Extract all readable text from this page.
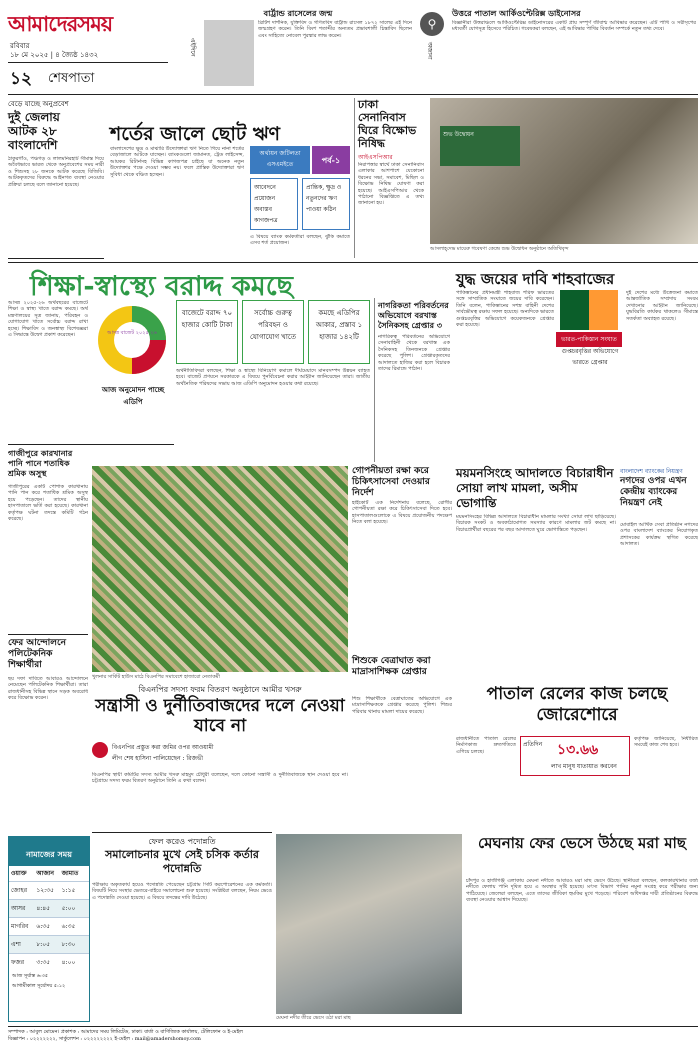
আমাদেরসময়
রবিবার
১৮ মে ২০২৫ | ৪ জ্যৈষ্ঠ ১৪৩২
১২ শেষপাতা
বার্ট্রান্ড রাসেলের জন্ম
এইদিনে
ব্রিটিশ দার্শনিক, যুক্তিবিদ ও গণিতবিদ বার্ট্রান্ড রাসেল ১৮৭২ সালের এই দিনে জন্মগ্রহণ করেন। তিনি বিংশ শতাব্দীর অন্যতম প্রভাবশালী চিন্তাবিদ ছিলেন এবং সাহিত্যে নোবেল পুরস্কার লাভ করেন।
উত্তরে পাতাল আর্কিওপ্টেরিক্স ডাইনোসর
⚲
অজানা
বিজ্ঞানীরা উত্তরাঞ্চলে আর্কিওপ্টেরিক্স ডাইনোসরের একটি প্রায় সম্পূর্ণ জীবাশ্ম আবিষ্কার করেছেন। এটি পাখি ও সরীসৃপের মধ্যবর্তী যোগসূত্র হিসেবে পরিচিত। গবেষকরা বলছেন, এই আবিষ্কার পাখির বিবর্তন সম্পর্কে নতুন তথ্য দেবে।
বেড়ে যাচ্ছে অনুপ্রবেশ
দুই জেলায়
আটক ২৮
বাংলাদেশি
ঠাকুরগাঁও, পঞ্চগড় ও লালমনিরহাট সীমান্ত দিয়ে অবৈধভাবে ভারত থেকে অনুপ্রবেশের সময় নারী ও শিশুসহ ২৮ জনকে আটক করেছে বিজিবি। আটককৃতদের বিরুদ্ধে আইনগত ব্যবস্থা নেওয়ার প্রক্রিয়া চলছে বলে জানানো হয়েছে।
শর্তের জালে ছোট ঋণ
অর্থায়ন জটিলতা এসএমইতে	পর্ব-১
আবেদনে প্রয়োজন অবাস্তব কাগজপত্র
প্রান্তিক, ক্ষুদ্র ও নতুনদের ঋণ পাওয়া কঠিন
বাংলাদেশের ক্ষুদ্র ও মাঝারি উদ্যোক্তারা ঋণ নিতে গিয়ে নানা শর্তের বেড়াজালে আটকে যাচ্ছেন। ব্যাংকগুলো জামানত, ট্রেড লাইসেন্স, আয়কর রিটার্নসহ বিভিন্ন কাগজপত্র চাইছে যা অনেক নতুন উদ্যোক্তার পক্ষে দেওয়া সম্ভব নয়। ফলে প্রান্তিক উদ্যোক্তারা ঋণ সুবিধা থেকে বঞ্চিত হচ্ছেন।
এ বিষয়ে ব্যাংক কর্মকর্তারা বলছেন, ঝুঁকি কমাতে এসব শর্ত প্রয়োজন।
ঢাকা সেনানিবাস ঘিরে বিক্ষোভ নিষিদ্ধ
আইএসপিআর
নিরাপত্তার স্বার্থে ঢাকা সেনানিবাস এলাকার আশপাশে যেকোনো ধরনের সভা, সমাবেশ, মিছিল ও বিক্ষোভ নিষিদ্ধ ঘোষণা করা হয়েছে। আইএসপিআর থেকে পাঠানো বিজ্ঞপ্তিতে এ তথ্য জানানো হয়।
শুভ উদ্বোধন
আসলাহ্‌দেভ মায়েরু গবেষণা কেন্দ্রে শুভ উদ্বোধন অনুষ্ঠানে অতিথিবৃন্দ
শিক্ষা-স্বাস্থ্যে বরাদ্দ কমছে
আসন্ন ২০২৫-২৬ অর্থবছরের বাজেটে শিক্ষা ও স্বাস্থ্য খাতে বরাদ্দ কমছে। অর্থ মন্ত্রণালয়ের সূত্র জানায়, পরিবহন ও যোগাযোগ খাতে সর্বোচ্চ বরাদ্দ রাখা হচ্ছে। শিক্ষাবিদ ও জনস্বাস্থ্য বিশেষজ্ঞরা এ সিদ্ধান্তে উদ্বেগ প্রকাশ করেছেন।	আসন্ন বাজেট ২০২৫-২৬
আজ অনুমোদন পাচ্ছে এডিপি
বাজেটে বরাদ্দ ৭০ হাজার কোটি টাকা
সর্বোচ্চ গুরুত্ব পরিবহন ও যোগাযোগ খাতে
কমছে এডিপির আকার, প্রস্তাব ১ হাজার ১৪২টি
অর্থনীতিবিদরা বলছেন, শিক্ষা ও স্বাস্থ্যে বিনিয়োগ কমালে দীর্ঘমেয়াদে মানবসম্পদ উন্নয়ন ব্যাহত হবে। বাজেট প্রণয়নে সরকারকে এ বিষয়ে পুনর্বিবেচনা করার আহ্বান জানিয়েছেন তারা। জাতীয় অর্থনৈতিক পরিষদের সভায় আজ এডিপি অনুমোদন হওয়ার কথা রয়েছে।
নাগরিকতা পরিবর্তনের অভিযোগে বরখাস্ত সৈনিকসহ গ্রেপ্তার ৩
নাগরিকত্ব পরিবর্তনের অভিযোগে সেনাবাহিনী থেকে বরখাস্ত এক সৈনিকসহ তিনজনকে গ্রেপ্তার করেছে পুলিশ। গ্রেপ্তারকৃতদের আদালতে হাজির করা হলে বিচারক তাদের রিমান্ডে পাঠান।
যুদ্ধ জয়ের দাবি শাহবাজের
ভারত-পাকিস্তান সংঘাত
গুপ্তচরবৃত্তির অভিযোগে ভারতে গ্রেপ্তার
পাকিস্তানের প্রধানমন্ত্রী শাহবাজ শরিফ ভারতের সঙ্গে সাম্প্রতিক সংঘাতে জয়ের দাবি করেছেন। তিনি বলেন, পাকিস্তানের সশস্ত্র বাহিনী দেশের সার্বভৌমত্ব রক্ষায় সফল হয়েছে। অন্যদিকে ভারতে গুপ্তচরবৃত্তির অভিযোগে কয়েকজনকে গ্রেপ্তার করা হয়েছে।
দুই দেশের মধ্যে উত্তেজনা কমাতে আন্তর্জাতিক সম্প্রদায় সংযম দেখানোর আহ্বান জানিয়েছে। যুদ্ধবিরতি কার্যকর থাকলেও সীমান্তে সতর্কতা অব্যাহত রয়েছে।
গাজীপুরে কারখানার
পানি পানে শতাধিক শ্রমিক অসুস্থ
গাজীপুরের একটি পোশাক কারখানায় পানি পান করে শতাধিক শ্রমিক অসুস্থ হয়ে পড়েছেন। তাদের স্থানীয় হাসপাতালে ভর্তি করা হয়েছে। কারখানা কর্তৃপক্ষ ঘটনা তদন্তে কমিটি গঠন করেছে।
খুলনার সার্কিট হাউস মাঠে বিএনপির সমাবেশে হাজারো নেতাকর্মী
গোপনীয়তা রক্ষা করে চিকিৎসাসেবা দেওয়ার নির্দেশ
হাইকোর্ট এক নির্দেশনায় বলেছে, রোগীর গোপনীয়তা রক্ষা করে চিকিৎসাসেবা দিতে হবে। হাসপাতালগুলোকে এ বিষয়ে প্রয়োজনীয় পদক্ষেপ নিতে বলা হয়েছে।
ময়মনসিংহে আদালতে বিচারাধীন সোয়া লাখ মামলা, অসীম ভোগান্তি
ময়মনসিংহের বিভিন্ন আদালতে বিচারাধীন মামলার সংখ্যা সোয়া লাখ ছাড়িয়েছে। বিচারক সংকট ও অবকাঠামোগত সমস্যার কারণে মামলার জট কমছে না। বিচারপ্রার্থীরা বছরের পর বছর আদালতে ঘুরে ভোগান্তিতে পড়ছেন।
বাংলাদেশ ব্যাংকের নিয়ন্ত্রণ
নগদের ওপর এখন কেন্দ্রীয় ব্যাংকের নিয়ন্ত্রণ নেই
মোবাইল আর্থিক সেবা প্রতিষ্ঠান নগদের ওপর বাংলাদেশ ব্যাংকের নিয়োগকৃত প্রশাসকের কার্যক্রম স্থগিত করেছে আদালত।
ফের আন্দোলনে পলিটেকনিক শিক্ষার্থীরা
ছয় দফা দাবিতে আবারও আন্দোলনে নেমেছেন পলিটেকনিক শিক্ষার্থীরা। তারা রাজধানীসহ বিভিন্ন স্থানে সড়ক অবরোধ করে বিক্ষোভ করেন।
বিএনপির সদস্য ফরম বিতরণ অনুষ্ঠানে আমীর খসরু
সন্ত্রাসী ও দুর্নীতিবাজদের দলে নেওয়া যাবে না
বিএনপির প্রস্তুত করা জমির ওপর আওয়ামী লীগ শেষ হাসিনা পালিয়েছেন : রিজভী
বিএনপির স্থায়ী কমিটির সদস্য আমীর খসরু মাহমুদ চৌধুরী বলেছেন, দলে কোনো সন্ত্রাসী ও দুর্নীতিবাজকে স্থান দেওয়া হবে না। চট্টগ্রামে সদস্য ফরম বিতরণ অনুষ্ঠানে তিনি এ কথা বলেন।
শিশুকে বেত্রাঘাত করা মাদ্রাসাশিক্ষক গ্রেপ্তার
শিশু শিক্ষার্থীকে বেত্রাঘাতের অভিযোগে এক মাদ্রাসাশিক্ষককে গ্রেপ্তার করেছে পুলিশ। শিশুর পরিবার থানায় মামলা দায়ের করেছে।
পাতাল রেলের কাজ চলছে জোরেশোরে
প্রতিদিন ১৩.৬৬
লাখ মানুষ যাতায়াত করবেন
রাজধানীতে পাতাল রেলের নির্মাণকাজ দ্রুতগতিতে এগিয়ে চলছে।
কর্তৃপক্ষ জানিয়েছে, নির্ধারিত সময়েই কাজ শেষ হবে।
নামাজের সময়
ওয়াক্ত	আজান	জামাত
জোহর	১২:৩৫	১:১৫
আসর	৪:৪৫	৫:০০
মাগরিব	৬:৩৫	৬:৩৫
এশা	৮:০৫	৮:৩০
ফজর	৩:৩৫	৪:০০
আজ সূর্যাস্ত ৬:৩৫
আগামীকাল সূর্যোদয় ৫:১২
ফেল করেও পদোন্নতি
সমালোচনার মুখে সেই চসিক কর্তার পদোন্নতি
পরীক্ষায় অকৃতকার্য হয়েও পদোন্নতি পেয়েছেন চট্টগ্রাম সিটি করপোরেশনের এক কর্মকর্তা। বিষয়টি নিয়ে সংস্থার ভেতরে-বাইরে সমালোচনা শুরু হয়েছে। সংশ্লিষ্টরা বলছেন, নিয়ম ভেঙে এ পদোন্নতি দেওয়া হয়েছে। এ বিষয়ে তদন্তের দাবি উঠেছে।
মেঘনা নদীর তীরে ভেসে ওঠা মরা মাছ
মেঘনায় ফের ভেসে উঠছে মরা মাছ
চাঁদপুর ও হাজীগঞ্জ এলাকায় মেঘনা নদীতে আবারও মরা মাছ ভেসে উঠছে। স্থানীয়রা বলছেন, কলকারখানার বর্জ্য নদীতে ফেলায় পানি দূষিত হয়ে এ অবস্থার সৃষ্টি হয়েছে। মৎস্য বিভাগ পানির নমুনা সংগ্রহ করে পরীক্ষার জন্য পাঠিয়েছে। জেলেরা বলছেন, এতে তাদের জীবিকা হুমকির মুখে পড়েছে। পরিবেশ অধিদপ্তর দায়ী প্রতিষ্ঠানের বিরুদ্ধে ব্যবস্থা নেওয়ার আশ্বাস দিয়েছে।
সম্পাদক : আবুল মোমেন। প্রকাশক : আমাদের সময় লিমিটেড, ঢাকা। বার্তা ও বাণিজ্যিক কার্যালয়, টেলিফোন ও ই-মেইল
বিজ্ঞাপন : ০২২২২২২২, সার্কুলেশন : ০২২২২২২২২ ই-মেইল : mail@amadershomoy.com
